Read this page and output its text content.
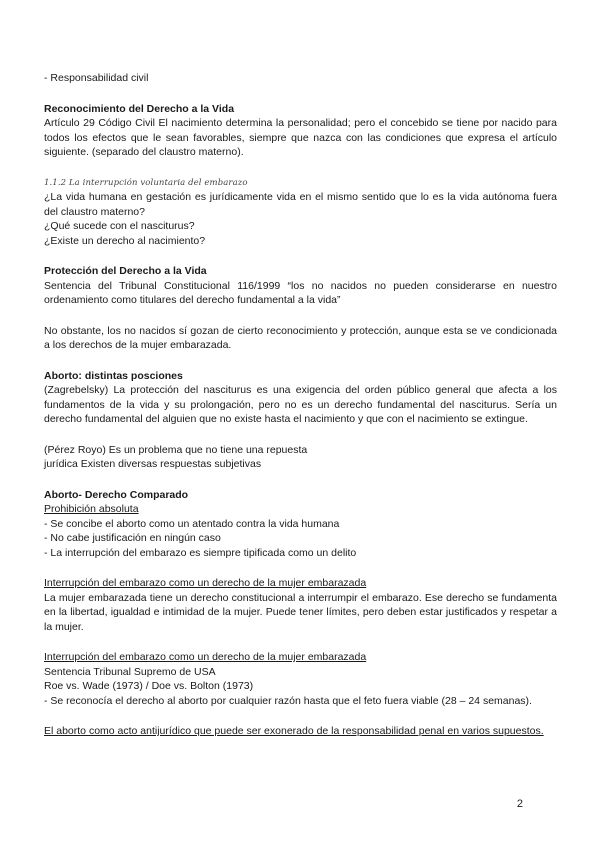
- Responsabilidad civil

Reconocimiento del Derecho a la Vida

Artículo 29 Código Civil El nacimiento determina la personalidad; pero el concebido se tiene por nacido para todos los efectos que le sean favorables, siempre que nazca con las condiciones que expresa el artículo siguiente. (separado del claustro materno).

1.1.2 La interrupción voluntaria del embarazo

¿La vida humana en gestación es jurídicamente vida en el mismo sentido que lo es la vida autónoma fuera del claustro materno?

¿Qué sucede con el nasciturus?

¿Existe un derecho al nacimiento?

Protección del Derecho a la Vida

Sentencia del Tribunal Constitucional 116/1999 “los no nacidos no pueden considerarse en nuestro ordenamiento como titulares del derecho fundamental a la vida”

No obstante, los no nacidos sí gozan de cierto reconocimiento y protección, aunque esta se ve condicionada a los derechos de la mujer embarazada.

Aborto: distintas posciones

(Zagrebelsky) La protección del nasciturus es una exigencia del orden público general que afecta a los fundamentos de la vida y su prolongación, pero no es un derecho fundamental del nasciturus. Sería un derecho fundamental del alguien que no existe hasta el nacimiento y que con el nacimiento se extingue.

(Pérez Royo) Es un problema que no tiene una repuesta

jurídica Existen diversas respuestas subjetivas

Aborto- Derecho Comparado

Prohibición absoluta

- Se concibe el aborto como un atentado contra la vida humana

- No cabe justificación en ningún caso

- La interrupción del embarazo es siempre tipificada como un delito

Interrupción del embarazo como un derecho de la mujer embarazada

La mujer embarazada tiene un derecho constitucional a interrumpir el embarazo. Ese derecho se fundamenta en la libertad, igualdad e intimidad de la mujer. Puede tener límites, pero deben estar justificados y respetar a la mujer.

Interrupción del embarazo como un derecho de la mujer embarazada

Sentencia Tribunal Supremo de USA

Roe vs. Wade (1973) / Doe vs. Bolton (1973)

- Se reconocía el derecho al aborto por cualquier razón hasta que el feto fuera viable (28 – 24 semanas).

El aborto como acto antijurídico que puede ser exonerado de la responsabilidad penal en varios supuestos.

2
